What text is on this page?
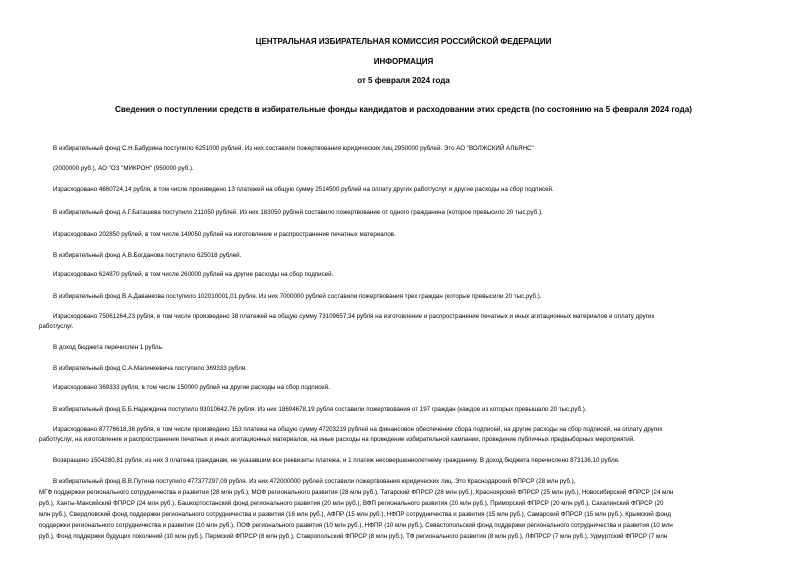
ЦЕНТРАЛЬНАЯ ИЗБИРАТЕЛЬНАЯ КОМИССИЯ РОССИЙСКОЙ ФЕДЕРАЦИИ
ИНФОРМАЦИЯ
от 5 февраля 2024 года
Сведения о поступлении средств в избирательные фонды кандидатов и расходовании этих средств (по состоянию на 5 февраля 2024 года)
В избирательный фонд С.Н.Бабурина поступило 6251000 рублей. Из них составили пожертвования юридических лиц 2950000 рублей. Это АО "ВОЛЖСКИЙ АЛЬЯНС"
(2000000 руб.), АО "ОЗ "МИКРОН" (950000 руб.).
Израсходовано 4660724,14 рубля, в том числе произведено 13 платежей на общую сумму 2514500 рублей на оплату других работ/услуг и другие расходы на сбор подписей.
В избирательный фонд А.Г.Баташева поступило 211050 рублей. Из них 183050 рублей составило пожертвование от одного гражданина (которое превысило 20 тыс.руб.).
Израсходовано 202850 рублей, в том числе 149050 рублей на изготовление и распространение печатных материалов.
В избирательный фонд А.В.Богданова поступило 625018 рублей.
Израсходовано 624870 рублей, в том числе 260000 рублей на другие расходы на сбор подписей.
В избирательный фонд В.А.Даванкова поступило 102010001,01 рубля. Из них 7000000 рублей составили пожертвования трех граждан (которые превысили 20 тыс.руб.).
Израсходовано 75061264,23 рубля, в том числе произведено 38 платежей на общую сумму 73109657,34 рубля на изготовление и распространение печатных и иных агитационных материалов и оплату других
работ/услуг.
В доход бюджета перечислен 1 рубль.
В избирательный фонд С.А.Малинкевича поступило 369333 рубля.
Израсходовано 369333 рубля, в том числе 150000 рублей на другие расходы на сбор подписей.
В избирательный фонд Б.Б.Надеждина поступило 93010642,76 рубля. Из них 18694678,19 рубля составили пожертвования от 197 граждан (каждое из которых превышало 20 тыс.руб.).
Израсходовано 87776618,36 рубля, в том числе произведено 153 платежа на общую сумму 47203219 рублей на финансовое обеспечение сбора подписей, на другие расходы на сбор подписей, на оплату других
работ/услуг, на изготовление и распространение печатных и иных агитационных материалов, на иные расходы на проведение избирательной кампании, проведение публичных предвыборных мероприятий.
Возвращено 1504280,81 рубля, из них 3 платежа гражданам, не указавшим все реквизиты платежа, и 1 платеж несовершеннолетнему гражданину. В доход бюджета перечислено 873136,10 рубля.
В избирательный фонд В.В.Путина поступило 477377297,09 рубля. Из них 472000000 рублей составили пожертвования юридических лиц. Это Краснодарский ФПРСР (28 млн руб.),
МГФ поддержки регионального сотрудничества и развития (28 млн руб.), МОФ регионального развития (28 млн руб.), Татарский ФПРСР (28 млн руб.), Красноярский ФПРСР (25 млн руб.), Новосибирский ФПРСР (24 млн
руб.), Ханты-Мансийский ФПРСР (24 млн руб.), Башкортостанский фонд регионального развития (20 млн руб.), ВФП регионального развития (20 млн руб.), Приморский ФПРСР (20 млн руб.), Сахалинский ФПРСР (20
млн руб.), Свердловский фонд поддержки регионального сотрудничества и развития (16 млн руб.), АФПР (15 млн руб.), НФПР сотрудничества и развития (15 млн руб.), Самарский ФПРСР (15 млн руб.), Крымский фонд
поддержки регионального сотрудничества и развития (10 млн руб.), ПОФ регионального развития (10 млн руб.), НФПР (10 млн руб.), Севастопольский фонд поддержки регионального сотрудничества и развития (10 млн
руб.), Фонд поддержки будущих поколений (10 млн руб.), Пермский ФПРСР (8 млн руб.), Ставропольский ФПРСР (8 млн руб.), ТФ регионального развития (8 млн руб.), ЛФПРСР (7 млн руб.), Удмуртский ФПРСР (7 млн
